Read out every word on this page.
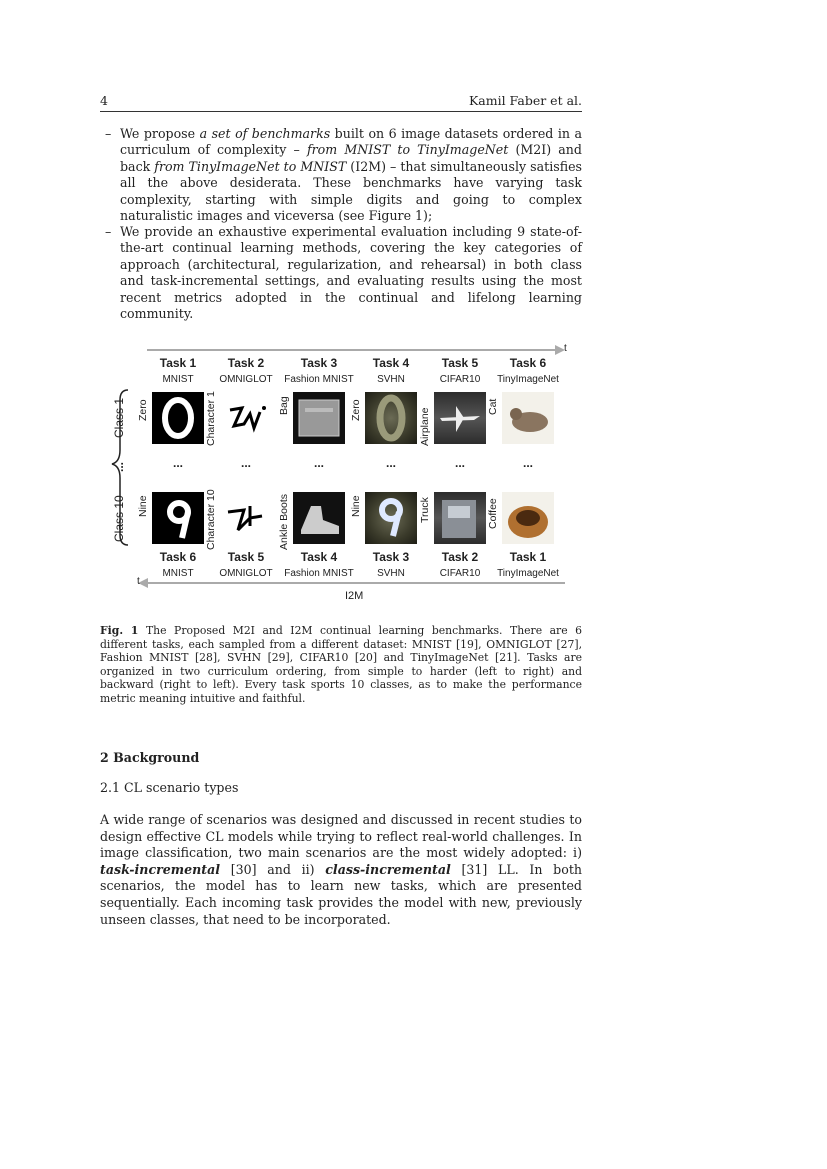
4	Kamil Faber et al.
– We propose a set of benchmarks built on 6 image datasets ordered in a curriculum of complexity – from MNIST to TinyImageNet (M2I) and back from TinyImageNet to MNIST (I2M) – that simultaneously satisfies all the above desiderata. These benchmarks have varying task complexity, starting with simple digits and going to complex naturalistic images and viceversa (see Figure 1);
– We provide an exhaustive experimental evaluation including 9 state-of-the-art continual learning methods, covering the key categories of approach (architectural, regularization, and rehearsal) in both class and task-incremental settings, and evaluating results using the most recent metrics adopted in the continual and lifelong learning community.
t
t
I2M
Class 1
...
Class 10
Task 1
MNIST
Zero
...
Task 2
OMNIGLOT
Character 1
...
Task 3
Fashion MNIST
Bag
...
Task 4
SVHN
Zero
...
Task 5
CIFAR10
Airplane
...
Task 6
TinyImageNet
Cat
...
Nine
Task 6
MNIST
Character 10
Task 5
OMNIGLOT
Ankle Boots
Task 4
Fashion MNIST
Nine
Task 3
SVHN
Truck
Task 2
CIFAR10
Coffee
Task 1
TinyImageNet
Fig. 1 The Proposed M2I and I2M continual learning benchmarks. There are 6 different tasks, each sampled from a different dataset: MNIST [19], OMNIGLOT [27], Fashion MNIST [28], SVHN [29], CIFAR10 [20] and TinyImageNet [21]. Tasks are organized in two curriculum ordering, from simple to harder (left to right) and backward (right to left). Every task sports 10 classes, as to make the performance metric meaning intuitive and faithful.
2 Background
2.1 CL scenario types
A wide range of scenarios was designed and discussed in recent studies to design effective CL models while trying to reflect real-world challenges. In image classification, two main scenarios are the most widely adopted: i) task-incremental [30] and ii) class-incremental [31] LL. In both scenarios, the model has to learn new tasks, which are presented sequentially. Each incoming task provides the model with new, previously unseen classes, that need to be incorporated.
